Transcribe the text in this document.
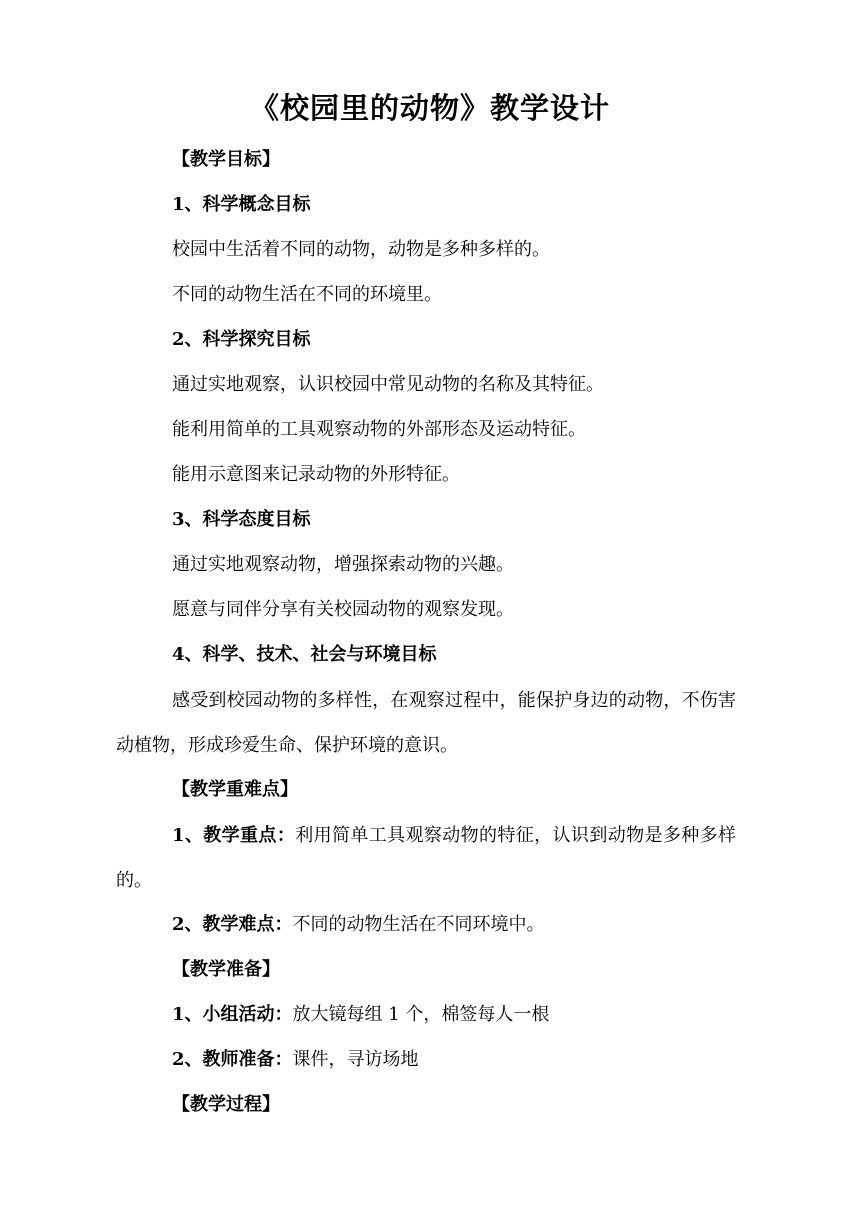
《校园里的动物》教学设计
【教学目标】
1、科学概念目标
校园中生活着不同的动物，动物是多种多样的。
不同的动物生活在不同的环境里。
2、科学探究目标
通过实地观察，认识校园中常见动物的名称及其特征。
能利用简单的工具观察动物的外部形态及运动特征。
能用示意图来记录动物的外形特征。
3、科学态度目标
通过实地观察动物，增强探索动物的兴趣。
愿意与同伴分享有关校园动物的观察发现。
4、科学、技术、社会与环境目标
感受到校园动物的多样性，在观察过程中，能保护身边的动物，不伤害动植物，形成珍爱生命、保护环境的意识。
【教学重难点】
1、教学重点：利用简单工具观察动物的特征，认识到动物是多种多样的。
2、教学难点：不同的动物生活在不同环境中。
【教学准备】
1、小组活动：放大镜每组 1 个，棉签每人一根
2、教师准备：课件，寻访场地
【教学过程】
